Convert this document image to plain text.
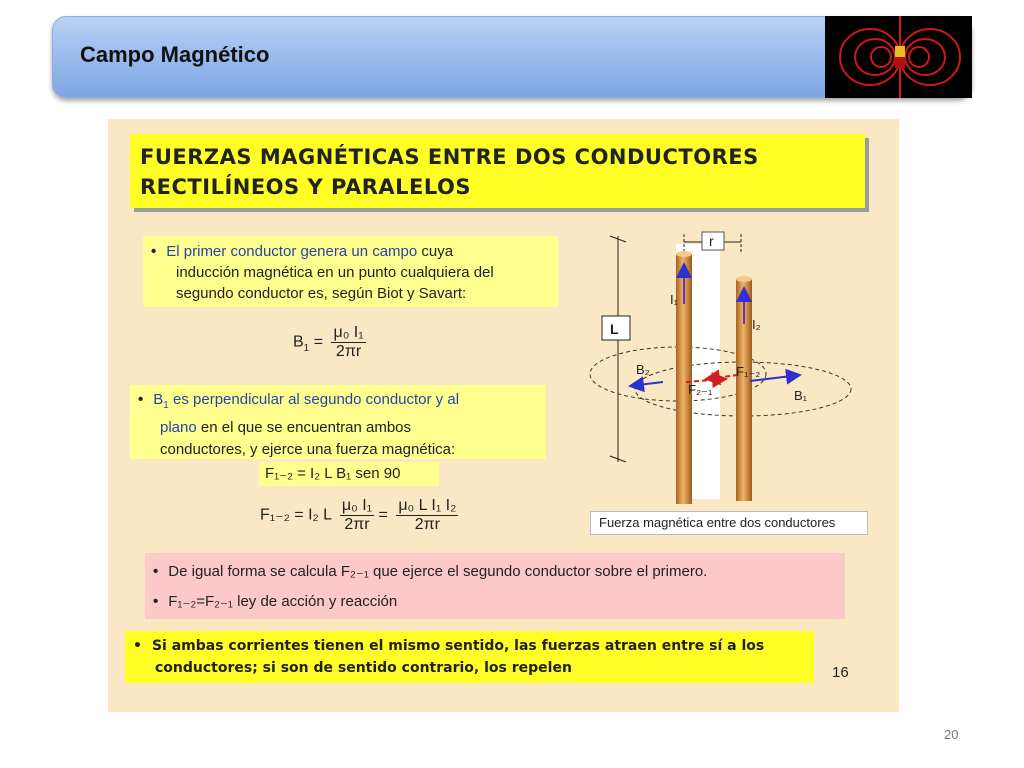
Campo Magnético
FUERZAS MAGNÉTICAS ENTRE DOS CONDUCTORES
RECTILÍNEOS Y PARALELOS
• El primer conductor genera un campo cuya
inducción magnética en un punto cualquiera del
segundo conductor es, según Biot y Savart:
$B_1 = \frac{\text{μ₀ I₁}}{2\pi r}$
• $B_1$ es perpendicular al segundo conductor y al
plano en el que se encuentran ambos
conductores, y ejerce una fuerza magnética:
F₁₋₂ = I₂ L B₁ sen 90
F₁₋₂ = I₂ L $\frac{\text{μ₀ I₁}}{2\pi r} = \frac{\text{μ₀ L I₁ I₂}}{2\pi r}$
L
r
I₁
I₂
B₂
B₁
F₂₋₁
F₁₋₂
Fuerza magnética entre dos conductores
• De igual forma se calcula F₂₋₁ que ejerce el segundo conductor sobre el primero.
• F₁₋₂=F₂₋₁ ley de acción y reacción
• Si ambas corrientes tienen el mismo sentido, las fuerzas atraen entre sí a los
conductores; si son de sentido contrario, los repelen	16
20
